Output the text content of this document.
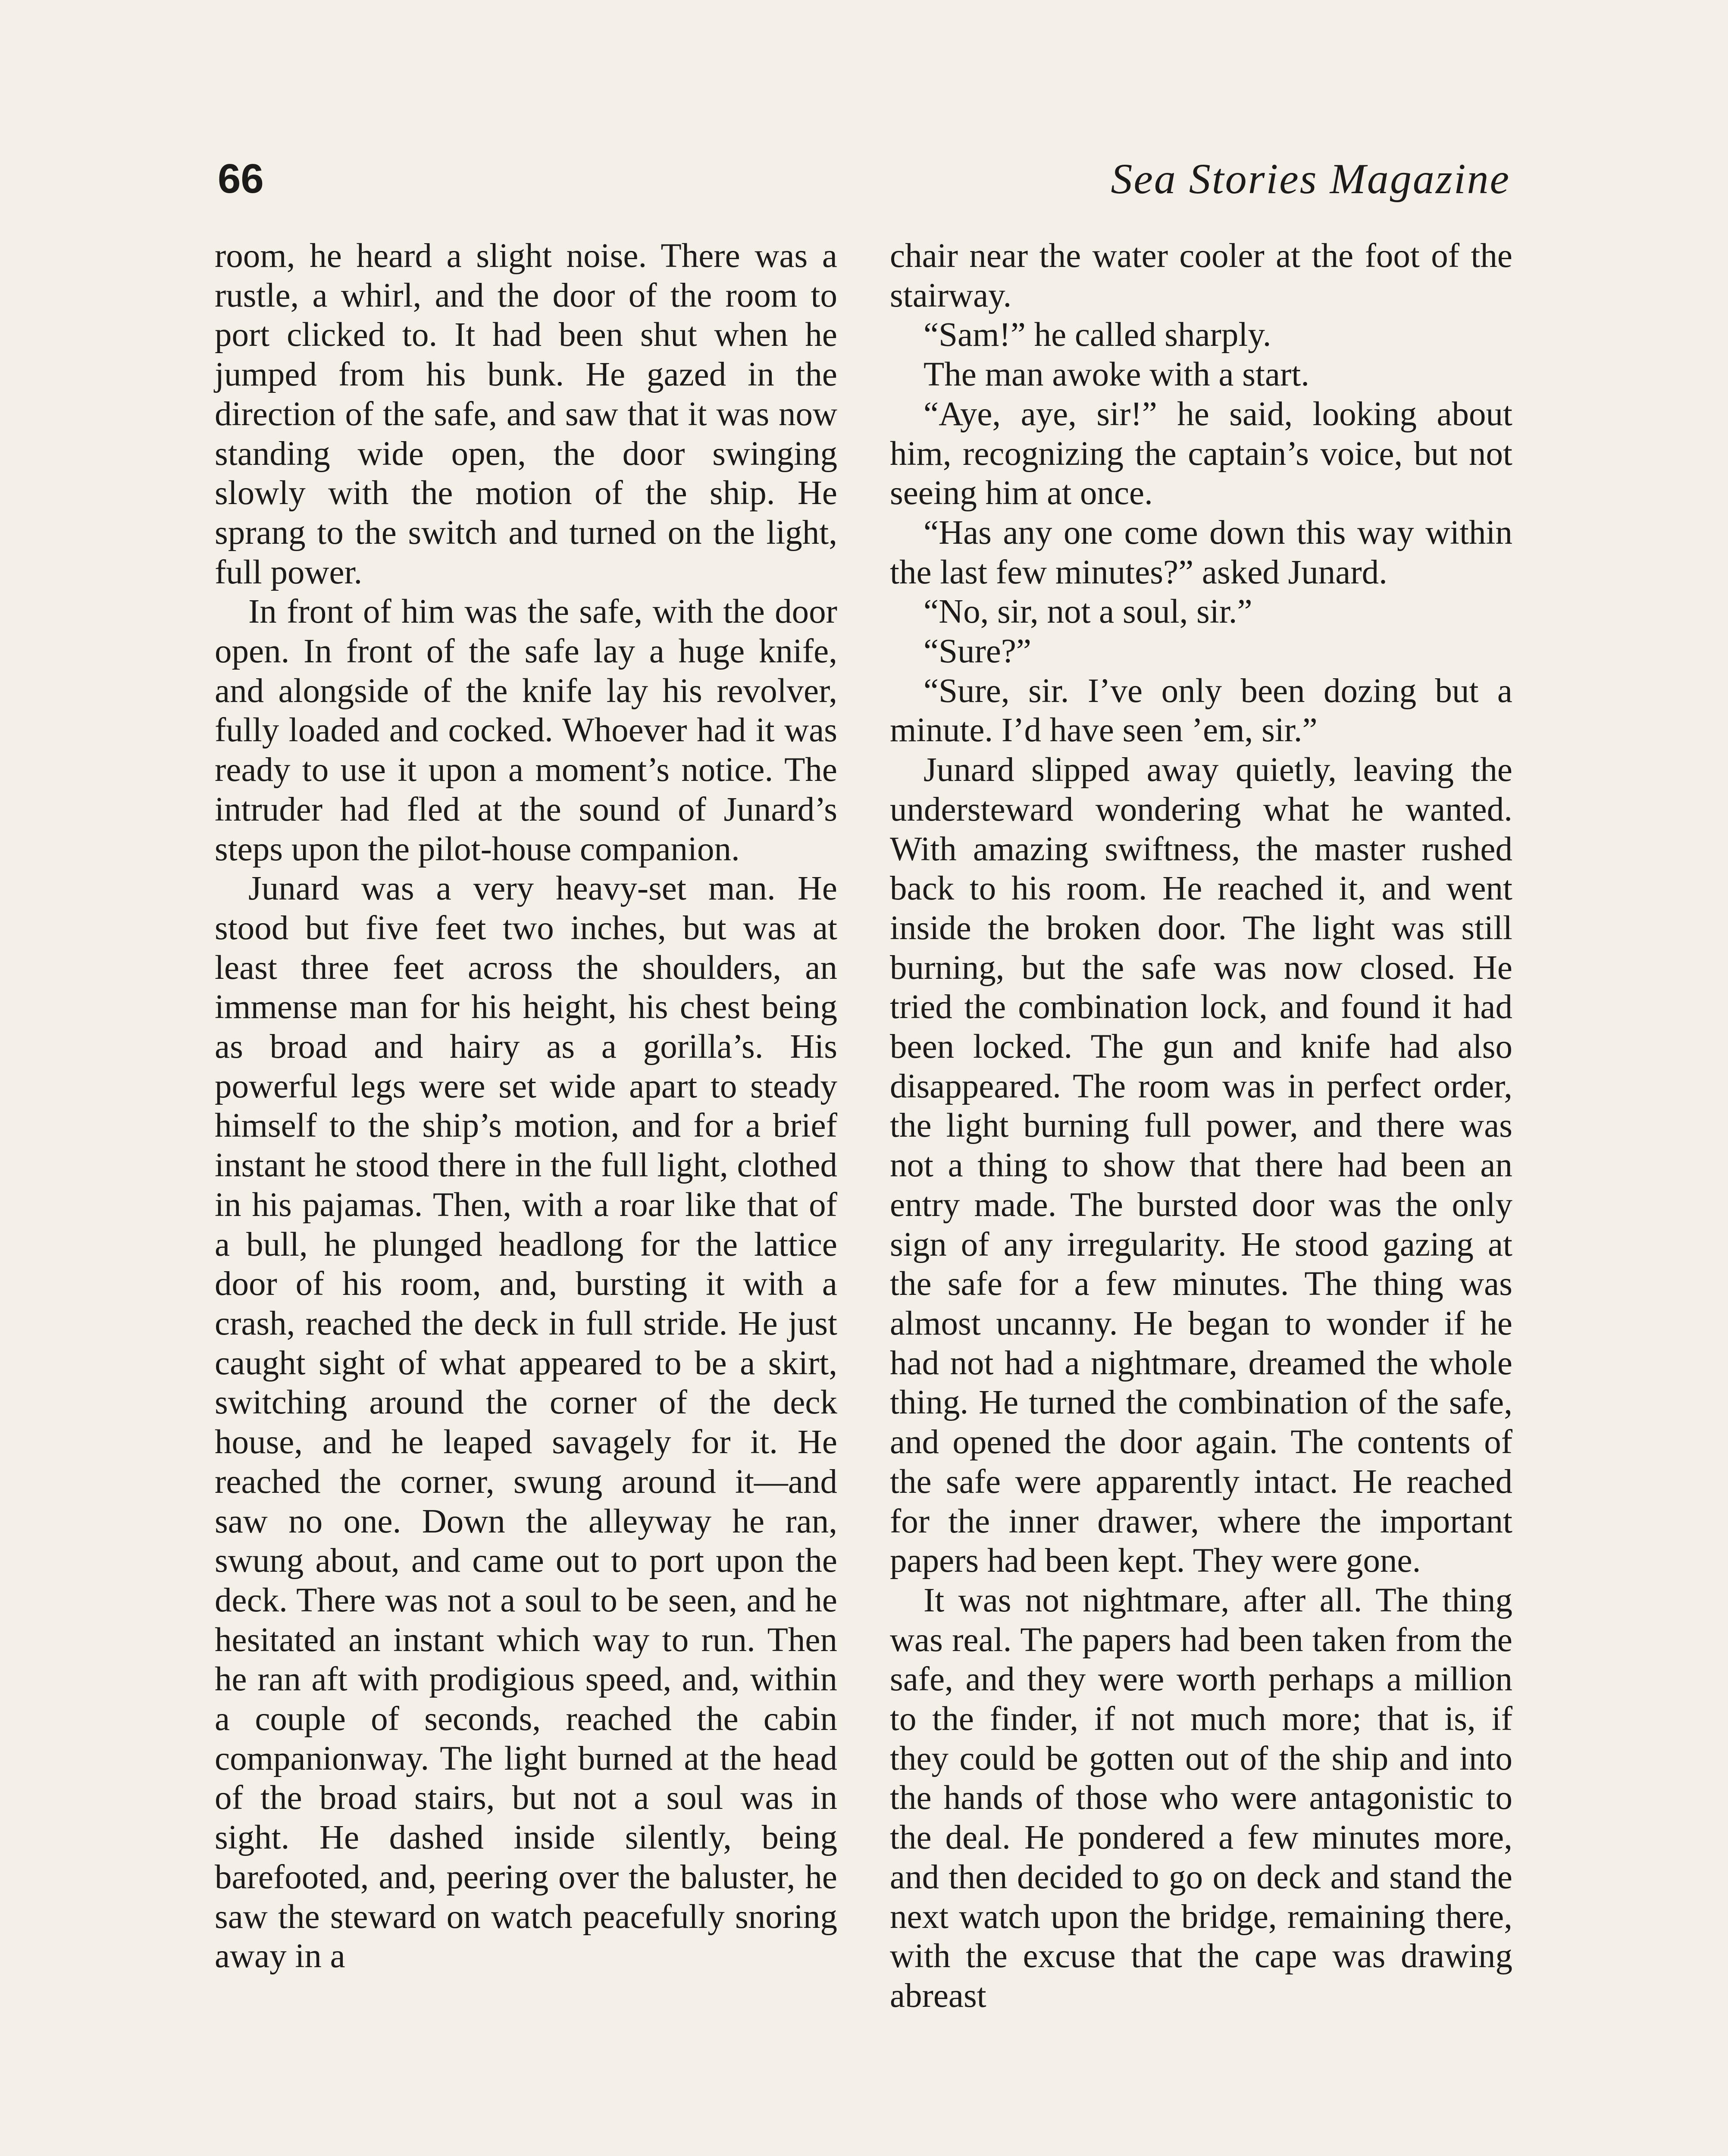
66	Sea Stories Magazine

room, he heard a slight noise. There was a rustle, a whirl, and the door of the room to port clicked to. It had been shut when he jumped from his bunk. He gazed in the direction of the safe, and saw that it was now standing wide open, the door swinging slowly with the motion of the ship. He sprang to the switch and turned on the light, full power.

In front of him was the safe, with the door open. In front of the safe lay a huge knife, and alongside of the knife lay his revolver, fully loaded and cocked. Whoever had it was ready to use it upon a moment’s notice. The intruder had fled at the sound of Junard’s steps upon the pilot-house companion.

Junard was a very heavy-set man. He stood but five feet two inches, but was at least three feet across the shoulders, an immense man for his height, his chest being as broad and hairy as a gorilla’s. His powerful legs were set wide apart to steady himself to the ship’s motion, and for a brief instant he stood there in the full light, clothed in his pajamas. Then, with a roar like that of a bull, he plunged headlong for the lattice door of his room, and, bursting it with a crash, reached the deck in full stride. He just caught sight of what appeared to be a skirt, switching around the corner of the deck house, and he leaped savagely for it. He reached the corner, swung around it—and saw no one. Down the alleyway he ran, swung about, and came out to port upon the deck. There was not a soul to be seen, and he hesitated an instant which way to run. Then he ran aft with prodigious speed, and, within a couple of seconds, reached the cabin companionway. The light burned at the head of the broad stairs, but not a soul was in sight. He dashed inside silently, being barefooted, and, peering over the baluster, he saw the steward on watch peacefully snoring away in a

chair near the water cooler at the foot of the stairway.

“Sam!” he called sharply.

The man awoke with a start.

“Aye, aye, sir!” he said, looking about him, recognizing the captain’s voice, but not seeing him at once.

“Has any one come down this way within the last few minutes?” asked Junard.

“No, sir, not a soul, sir.”

“Sure?”

“Sure, sir. I’ve only been dozing but a minute. I’d have seen ’em, sir.”

Junard slipped away quietly, leaving the understeward wondering what he wanted. With amazing swiftness, the master rushed back to his room. He reached it, and went inside the broken door. The light was still burning, but the safe was now closed. He tried the combination lock, and found it had been locked. The gun and knife had also disappeared. The room was in perfect order, the light burning full power, and there was not a thing to show that there had been an entry made. The bursted door was the only sign of any irregularity. He stood gazing at the safe for a few minutes. The thing was almost uncanny. He began to wonder if he had not had a nightmare, dreamed the whole thing. He turned the combination of the safe, and opened the door again. The contents of the safe were apparently intact. He reached for the inner drawer, where the important papers had been kept. They were gone.

It was not nightmare, after all. The thing was real. The papers had been taken from the safe, and they were worth perhaps a million to the finder, if not much more; that is, if they could be gotten out of the ship and into the hands of those who were antagonistic to the deal. He pondered a few minutes more, and then decided to go on deck and stand the next watch upon the bridge, remaining there, with the excuse that the cape was drawing abreast
